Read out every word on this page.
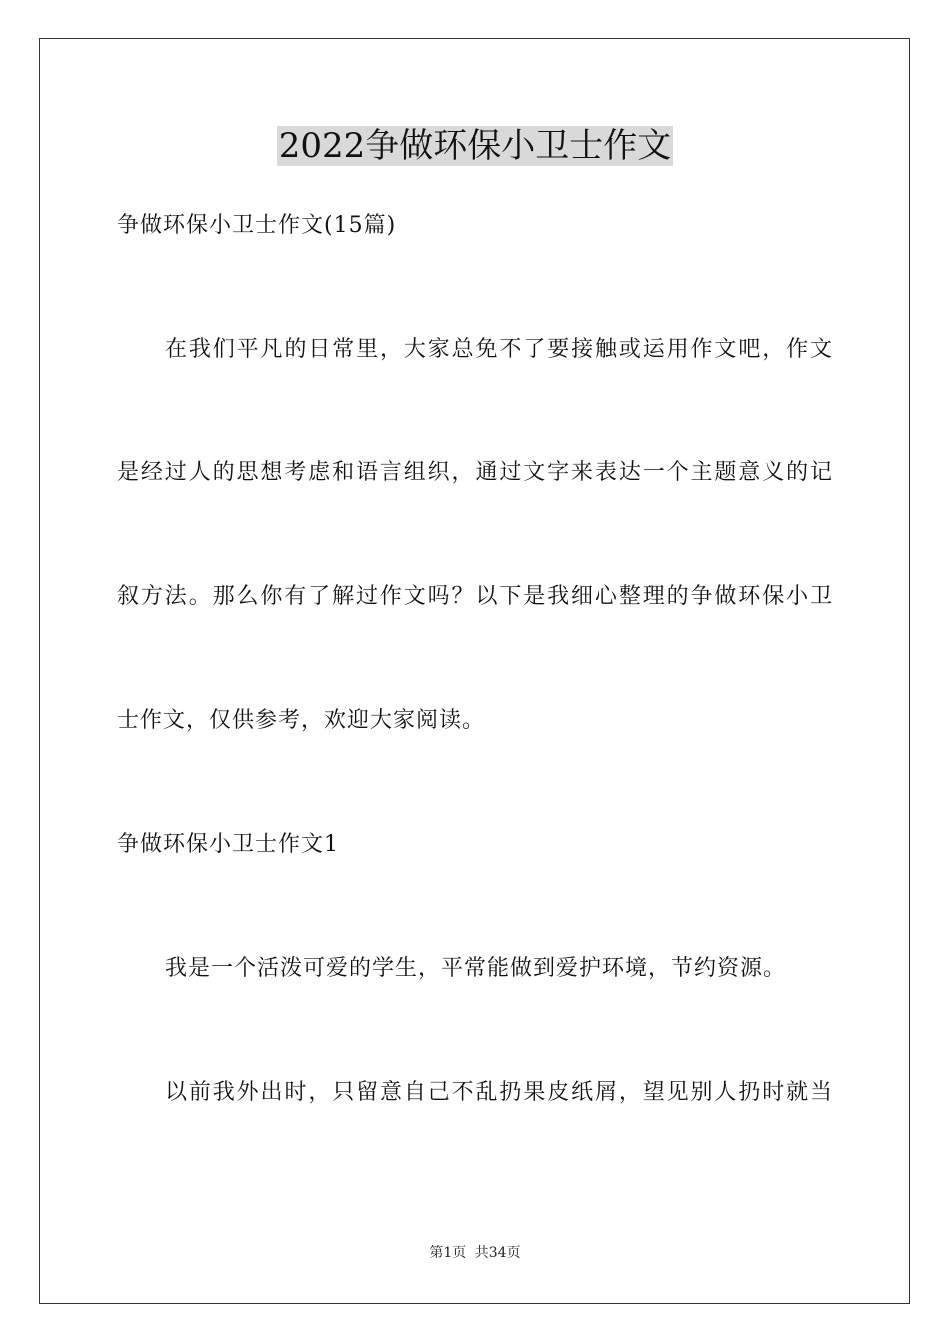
2022争做环保小卫士作文
争做环保小卫士作文(15篇)
在我们平凡的日常里，大家总免不了要接触或运用作文吧，作文
是经过人的思想考虑和语言组织，通过文字来表达一个主题意义的记
叙方法。那么你有了解过作文吗？以下是我细心整理的争做环保小卫
士作文，仅供参考，欢迎大家阅读。
争做环保小卫士作文1
我是一个活泼可爱的学生，平常能做到爱护环境，节约资源。
以前我外出时，只留意自己不乱扔果皮纸屑，望见别人扔时就当
第1页 共34页
